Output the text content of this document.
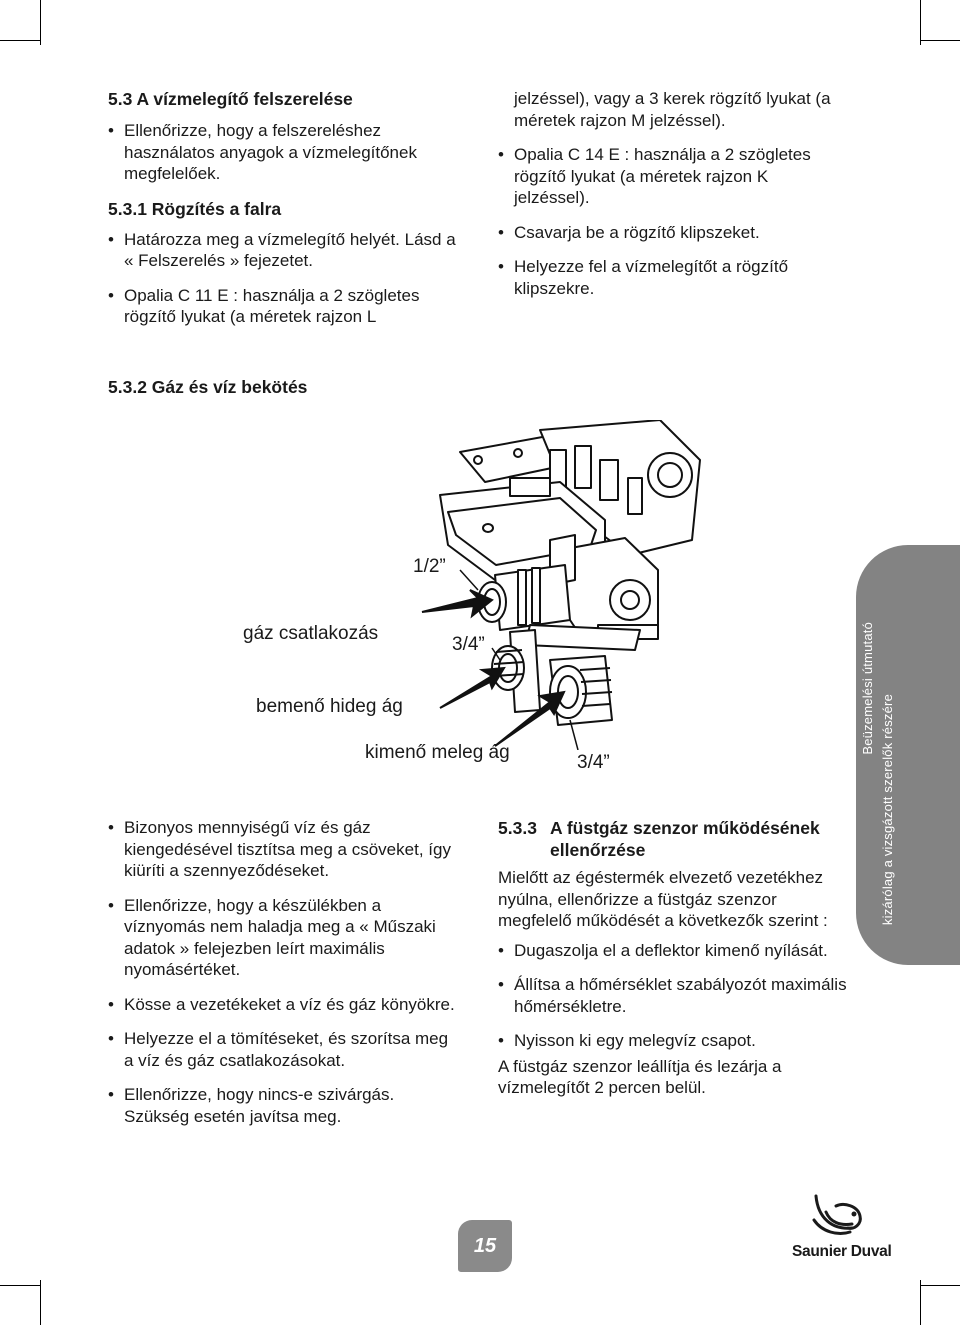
5.3 A vízmelegítő felszerelése
• Ellenőrizze, hogy a felszereléshez használatos anyagok a vízmelegítőnek megfelelőek.
5.3.1 Rögzítés a falra
• Határozza meg a vízmelegítő helyét. Lásd a « Felszerelés » fejezetet.
• Opalia C 11 E : használja a 2 szögletes rögzítő lyukat (a méretek rajzon L
jelzéssel), vagy a 3 kerek rögzítő lyukat (a méretek rajzon M jelzéssel).
• Opalia C 14 E : használja a 2 szögletes rögzítő lyukat (a méretek rajzon K jelzéssel).
• Csavarja be a rögzítő klipszeket.
• Helyezze fel a vízmelegítőt a rögzítő klipszekre.
5.3.2 Gáz és víz bekötés
1/2”
gáz csatlakozás
3/4”
bemenő hideg ág
kimenő meleg ág	3/4”
• Bizonyos mennyiségű víz és gáz kiengedésével tisztítsa meg a csöveket, így kiüríti a szennyeződéseket.
• Ellenőrizze, hogy a készülékben a víznyomás nem haladja meg a « Műszaki adatok » felejezben leírt maximális nyomásértéket.
• Kösse a vezetékeket a víz és gáz könyökre.
• Helyezze el a tömítéseket, és szorítsa meg a víz és gáz csatlakozásokat.
• Ellenőrizze, hogy nincs-e szivárgás. Szükség esetén javítsa meg.
5.3.3 A füstgáz szenzor működésének
ellenőrzése
Mielőtt az égéstermék elvezető vezetékhez nyúlna, ellenőrizze a füstgáz szenzor megfelelő működését a következők szerint :
• Dugaszolja el a deflektor kimenő nyílását.
• Állítsa a hőmérséklet szabályozót maximális hőmérsékletre.
• Nyisson ki egy melegvíz csapot.
A füstgáz szenzor leállítja és lezárja a vízmelegítőt 2 percen belül.
Beüzemelési útmutató
kizárólag a vizsgázott szerelők részére
15	Saunier Duval
